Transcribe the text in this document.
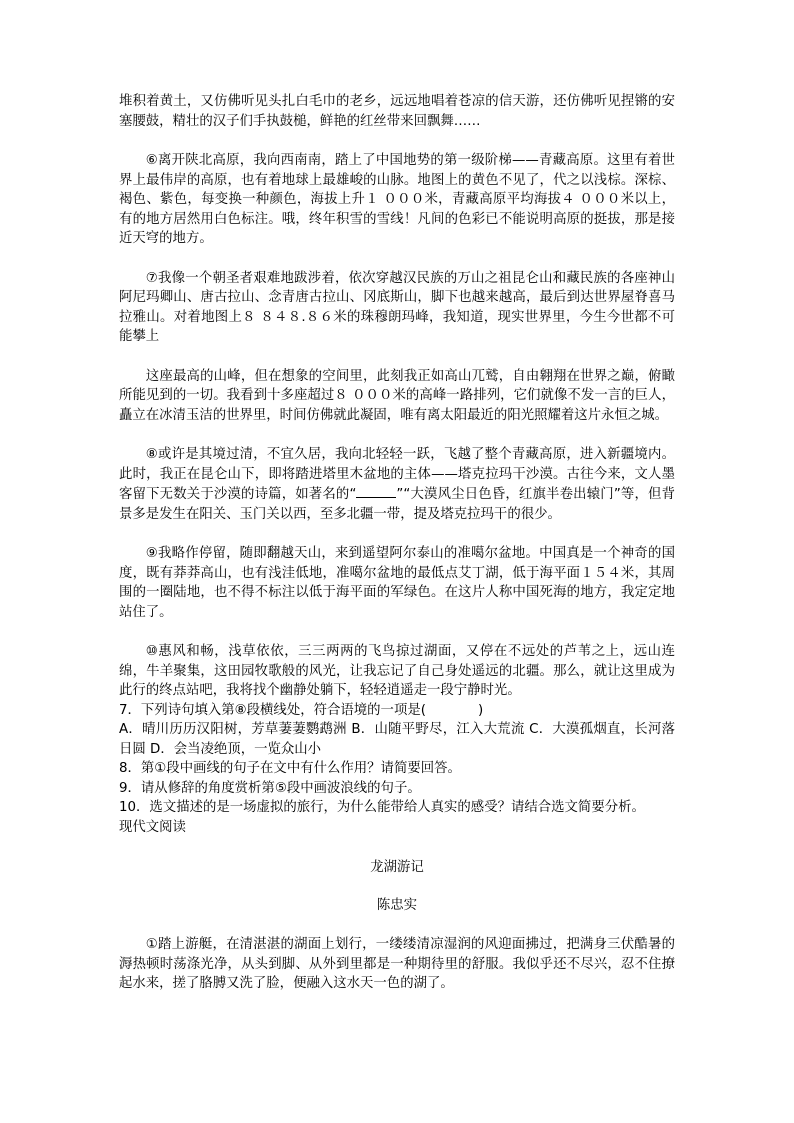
堆积着黄土，又仿佛听见头扎白毛巾的老乡，远远地唱着苍凉的信天游，还仿佛听见捏锵的安塞腰鼓，精壮的汉子们手执鼓槌，鲜艳的红丝带来回飘舞……

⑥离开陕北高原，我向西南南，踏上了中国地势的第一级阶梯——青藏高原。这里有着世界上最伟岸的高原，也有着地球上最雄峻的山脉。地图上的黄色不见了，代之以浅棕。深棕、褐色、紫色，每变换一种颜色，海拔上升１ ０００米，青藏高原平均海拔４ ０００米以上，有的地方居然用白色标注。哦，终年积雪的雪线！凡间的色彩已不能说明高原的挺拔，那是接近天穹的地方。

⑦我像一个朝圣者艰难地跋涉着，依次穿越汉民族的万山之祖昆仑山和藏民族的各座神山阿尼玛卿山、唐古拉山、念青唐古拉山、冈底斯山，脚下也越来越高，最后到达世界屋脊喜马拉雅山。对着地图上８ ８４８.８６米的珠穆朗玛峰，我知道，现实世界里，今生今世都不可能攀上

这座最高的山峰，但在想象的空间里，此刻我正如高山兀鹫，自由翱翔在世界之巅，俯瞰所能见到的一切。我看到十多座超过８ ０００米的高峰一路排列，它们就像不发一言的巨人，矗立在冰清玉洁的世界里，时间仿佛就此凝固，唯有离太阳最近的阳光照耀着这片永恒之城。

⑧或许是其境过清，不宜久居，我向北轻轻一跃，飞越了整个青藏高原，进入新疆境内。此时，我正在昆仑山下，即将踏进塔里木盆地的主体——塔克拉玛干沙漠。古往今来，文人墨客留下无数关于沙漠的诗篇，如著名的“	”“大漠风尘日色昏，红旗半卷出辕门”等，但背景多是发生在阳关、玉门关以西，至多北疆一带，提及塔克拉玛干的很少。

⑨我略作停留，随即翻越天山，来到遥望阿尔泰山的准噶尔盆地。中国真是一个神奇的国度，既有莽莽高山，也有浅洼低地，准噶尔盆地的最低点艾丁湖，低于海平面１５４米，其周围的一圈陆地，也不得不标注以低于海平面的军绿色。在这片人称中国死海的地方，我定定地站住了。

⑩惠风和畅，浅草依依，三三两两的飞鸟掠过湖面，又停在不远处的芦苇之上，远山连绵，牛羊聚集，这田园牧歌般的风光，让我忘记了自己身处遥远的北疆。那么，就让这里成为此行的终点站吧，我将找个幽静处躺下，轻轻逍遥走一段宁静时光。

7．下列诗句填入第⑧段横线处，符合语境的一项是(	)

A．晴川历历汉阳树，芳草萋萋鹦鹉洲 B．山随平野尽，江入大荒流 C．大漠孤烟直，长河落日圆 D．会当凌绝顶，一览众山小

8．第①段中画线的句子在文中有什么作用？请简要回答。

9．请从修辞的角度赏析第⑤段中画波浪线的句子。

10．选文描述的是一场虚拟的旅行，为什么能带给人真实的感受？请结合选文简要分析。

现代文阅读

龙湖游记

陈忠实

①踏上游艇，在清湛湛的湖面上划行，一缕缕清凉湿润的风迎面拂过，把满身三伏酷暑的溽热顿时荡涤光净，从头到脚、从外到里都是一种期待里的舒服。我似乎还不尽兴，忍不住撩起水来，搓了胳膊又洗了脸，便融入这水天一色的湖了。
